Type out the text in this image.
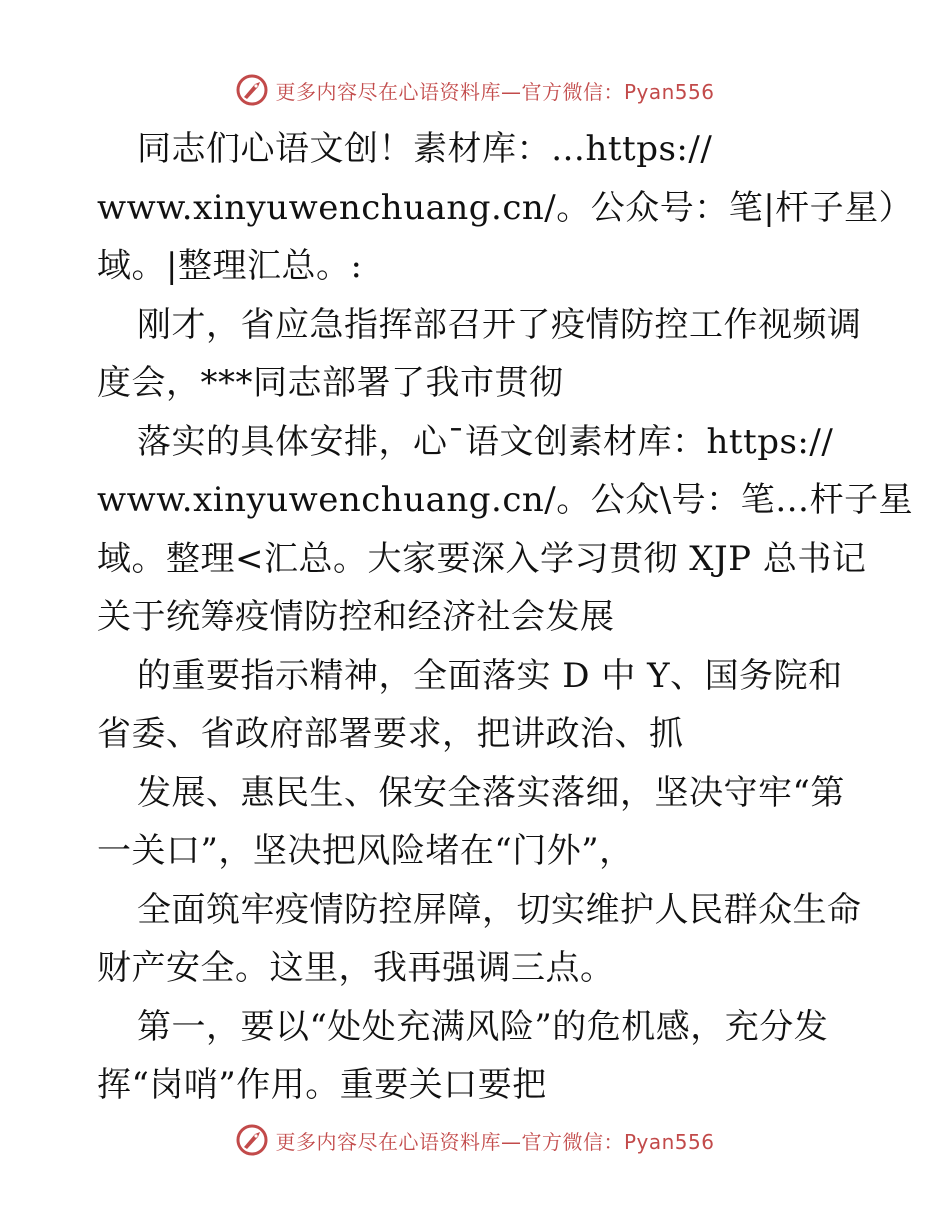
更多内容尽在心语资料库—官方微信：Pyan556
同志们心语文创！素材库：…https://
www.xinyuwenchuang.cn/。公众号：笔|杆子星）
域。|整理汇总。:
刚才，省应急指挥部召开了疫情防控工作视频调
度会，***同志部署了我市贯彻
落实的具体安排，心¯语文创素材库：https://
www.xinyuwenchuang.cn/。公众\号：笔…杆子星
域。整理<汇总。大家要深入学习贯彻 XJP 总书记
关于统筹疫情防控和经济社会发展
的重要指示精神，全面落实 D 中 Y、国务院和
省委、省政府部署要求，把讲政治、抓
发展、惠民生、保安全落实落细，坚决守牢“第
一关口”，坚决把风险堵在“门外”，
全面筑牢疫情防控屏障，切实维护人民群众生命
财产安全。这里，我再强调三点。
第一，要以“处处充满风险”的危机感，充分发
挥“岗哨”作用。重要关口要把
更多内容尽在心语资料库—官方微信：Pyan556
